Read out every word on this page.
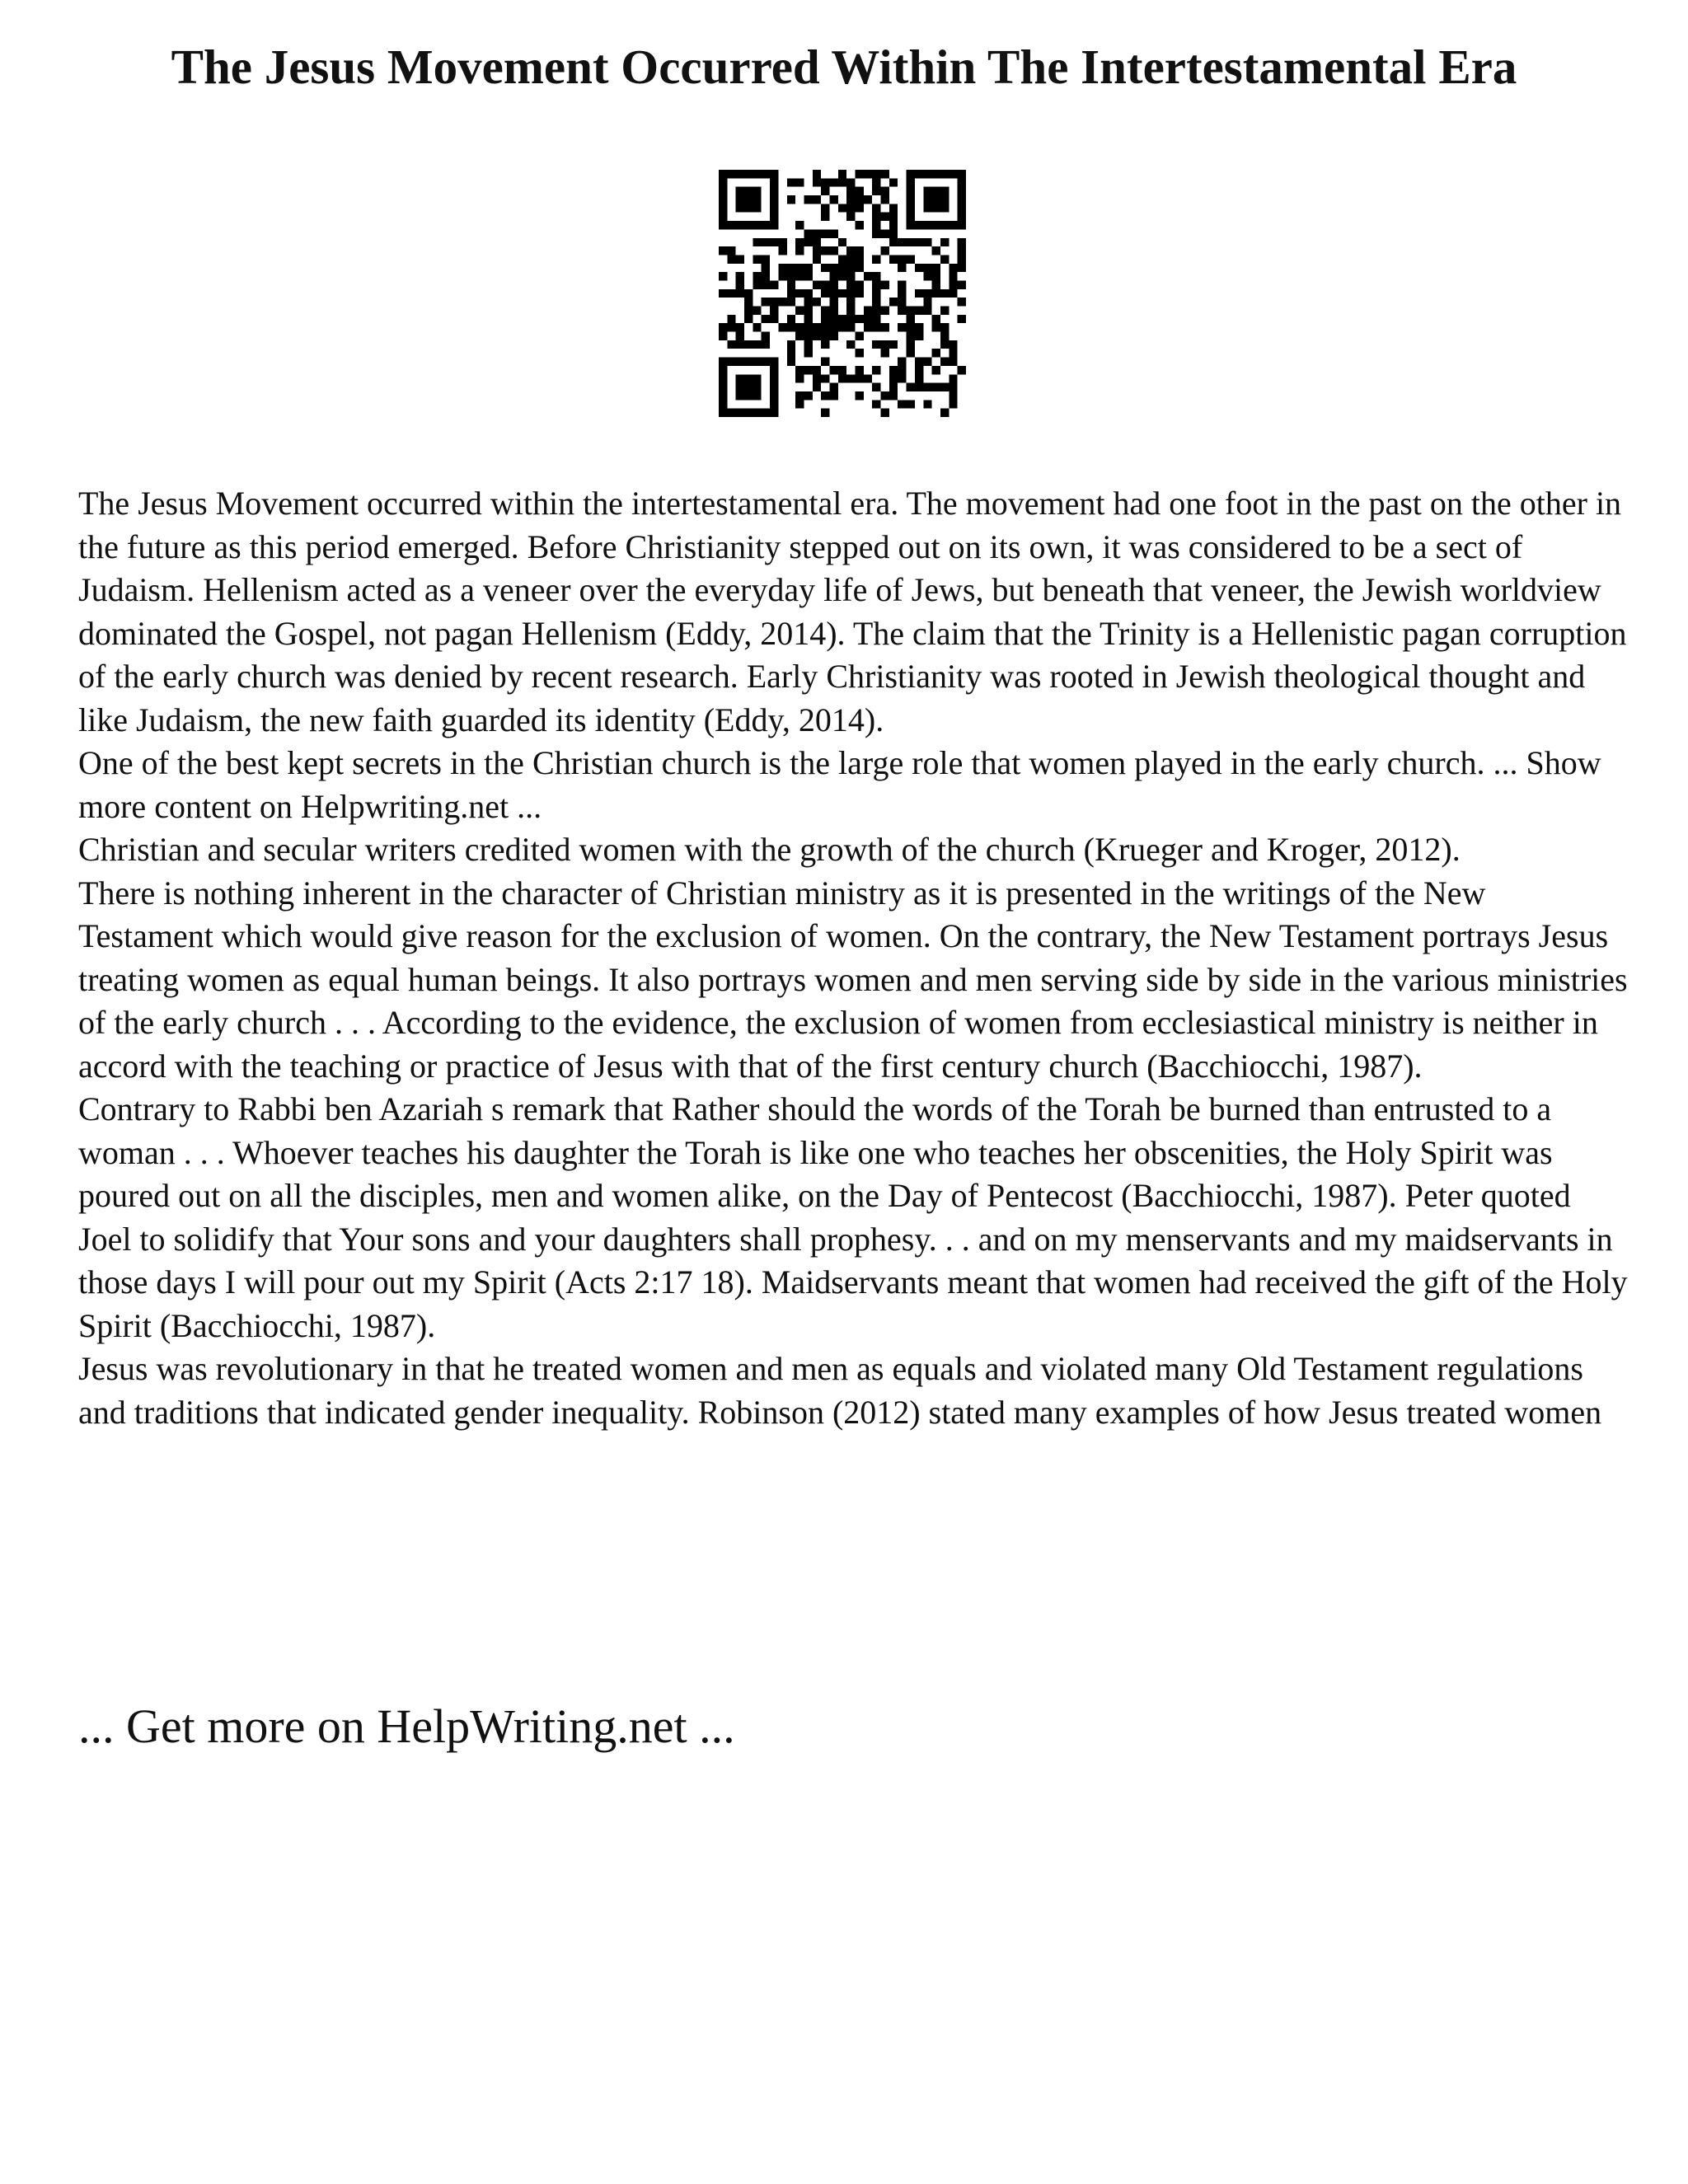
The Jesus Movement Occurred Within The Intertestamental Era

The Jesus Movement occurred within the intertestamental era. The movement had one foot in the past on the other in the future as this period emerged. Before Christianity stepped out on its own, it was considered to be a sect of Judaism. Hellenism acted as a veneer over the everyday life of Jews, but beneath that veneer, the Jewish worldview dominated the Gospel, not pagan Hellenism (Eddy, 2014). The claim that the Trinity is a Hellenistic pagan corruption of the early church was denied by recent research. Early Christianity was rooted in Jewish theological thought and like Judaism, the new faith guarded its identity (Eddy, 2014).

One of the best kept secrets in the Christian church is the large role that women played in the early church. ... Show more content on Helpwriting.net ...

Christian and secular writers credited women with the growth of the church (Krueger and Kroger, 2012).

There is nothing inherent in the character of Christian ministry as it is presented in the writings of the New Testament which would give reason for the exclusion of women. On the contrary, the New Testament portrays Jesus treating women as equal human beings. It also portrays women and men serving side by side in the various ministries of the early church . . . According to the evidence, the exclusion of women from ecclesiastical ministry is neither in accord with the teaching or practice of Jesus with that of the first century church (Bacchiocchi, 1987).

Contrary to Rabbi ben Azariah s remark that Rather should the words of the Torah be burned than entrusted to a woman . . . Whoever teaches his daughter the Torah is like one who teaches her obscenities, the Holy Spirit was poured out on all the disciples, men and women alike, on the Day of Pentecost (Bacchiocchi, 1987). Peter quoted Joel to solidify that Your sons and your daughters shall prophesy. . . and on my menservants and my maidservants in those days I will pour out my Spirit (Acts 2:17 18). Maidservants meant that women had received the gift of the Holy Spirit (Bacchiocchi, 1987).

Jesus was revolutionary in that he treated women and men as equals and violated many Old Testament regulations and traditions that indicated gender inequality. Robinson (2012) stated many examples of how Jesus treated women

... Get more on HelpWriting.net ...
